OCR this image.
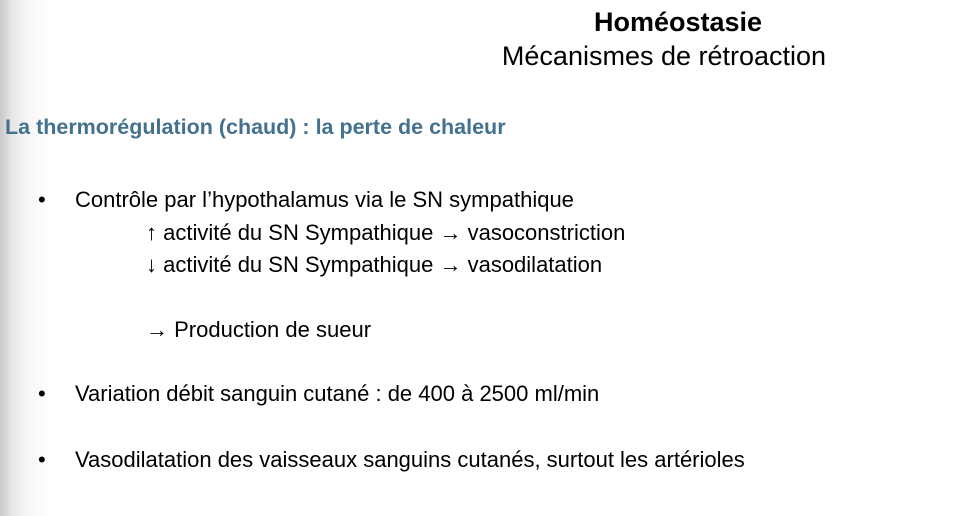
Homéostasie
Mécanismes de rétroaction
La thermorégulation (chaud) : la perte de chaleur
• Contrôle par l’hypothalamus via le SN sympathique
↑ activité du SN Sympathique → vasoconstriction
↓ activité du SN Sympathique → vasodilatation
→ Production de sueur
• Variation débit sanguin cutané : de 400 à 2500 ml/min
• Vasodilatation des vaisseaux sanguins cutanés, surtout les artérioles
